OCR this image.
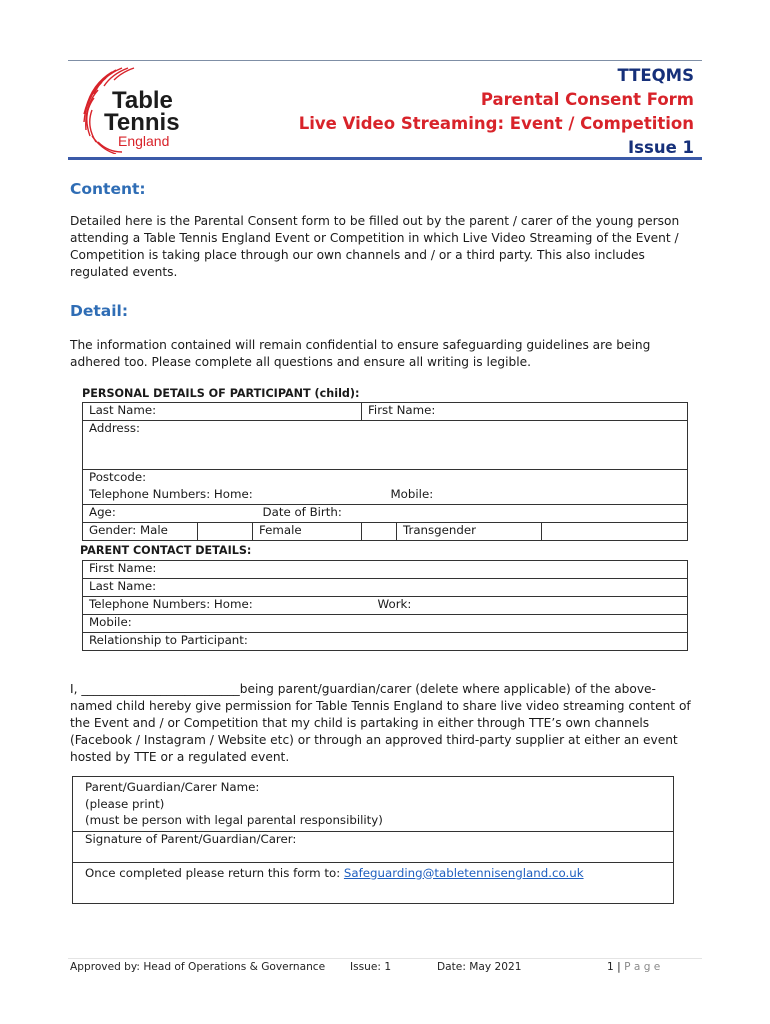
Table
Tennis
England
TTEQMS
Parental Consent Form
Live Video Streaming: Event / Competition
Issue 1
Content:
Detailed here is the Parental Consent form to be filled out by the parent / carer of the young person attending a Table Tennis England Event or Competition in which Live Video Streaming of the Event / Competition is taking place through our own channels and / or a third party. This also includes regulated events.
Detail:
The information contained will remain confidential to ensure safeguarding guidelines are being adhered too. Please complete all questions and ensure all writing is legible.
PERSONAL DETAILS OF PARTICIPANT (child):
Last Name:			First Name:		
Address:					
Postcode:					
Telephone Numbers: Home: Mobile:					

Age: Date of Birth:					

Gender: Male		Female		Transgender	
PARENT CONTACT DETAILS:
First Name:
Last Name:
Telephone Numbers: Home:	Work:

Mobile:
Relationship to Participant:
I, __________________________being parent/guardian/carer (delete where applicable) of the above-named child hereby give permission for Table Tennis England to share live video streaming content of the Event and / or Competition that my child is partaking in either through TTE’s own channels (Facebook / Instagram / Website etc) or through an approved third-party supplier at either an event hosted by TTE or a regulated event.
Parent/Guardian/Carer Name:
(please print)
(must be person with legal parental responsibility)

Signature of Parent/Guardian/Carer:
Once completed please return this form to: Safeguarding@tabletennisengland.co.uk
Approved by: Head of Operations & Governance Issue: 1	Date: May 2021	1 | P a g e
